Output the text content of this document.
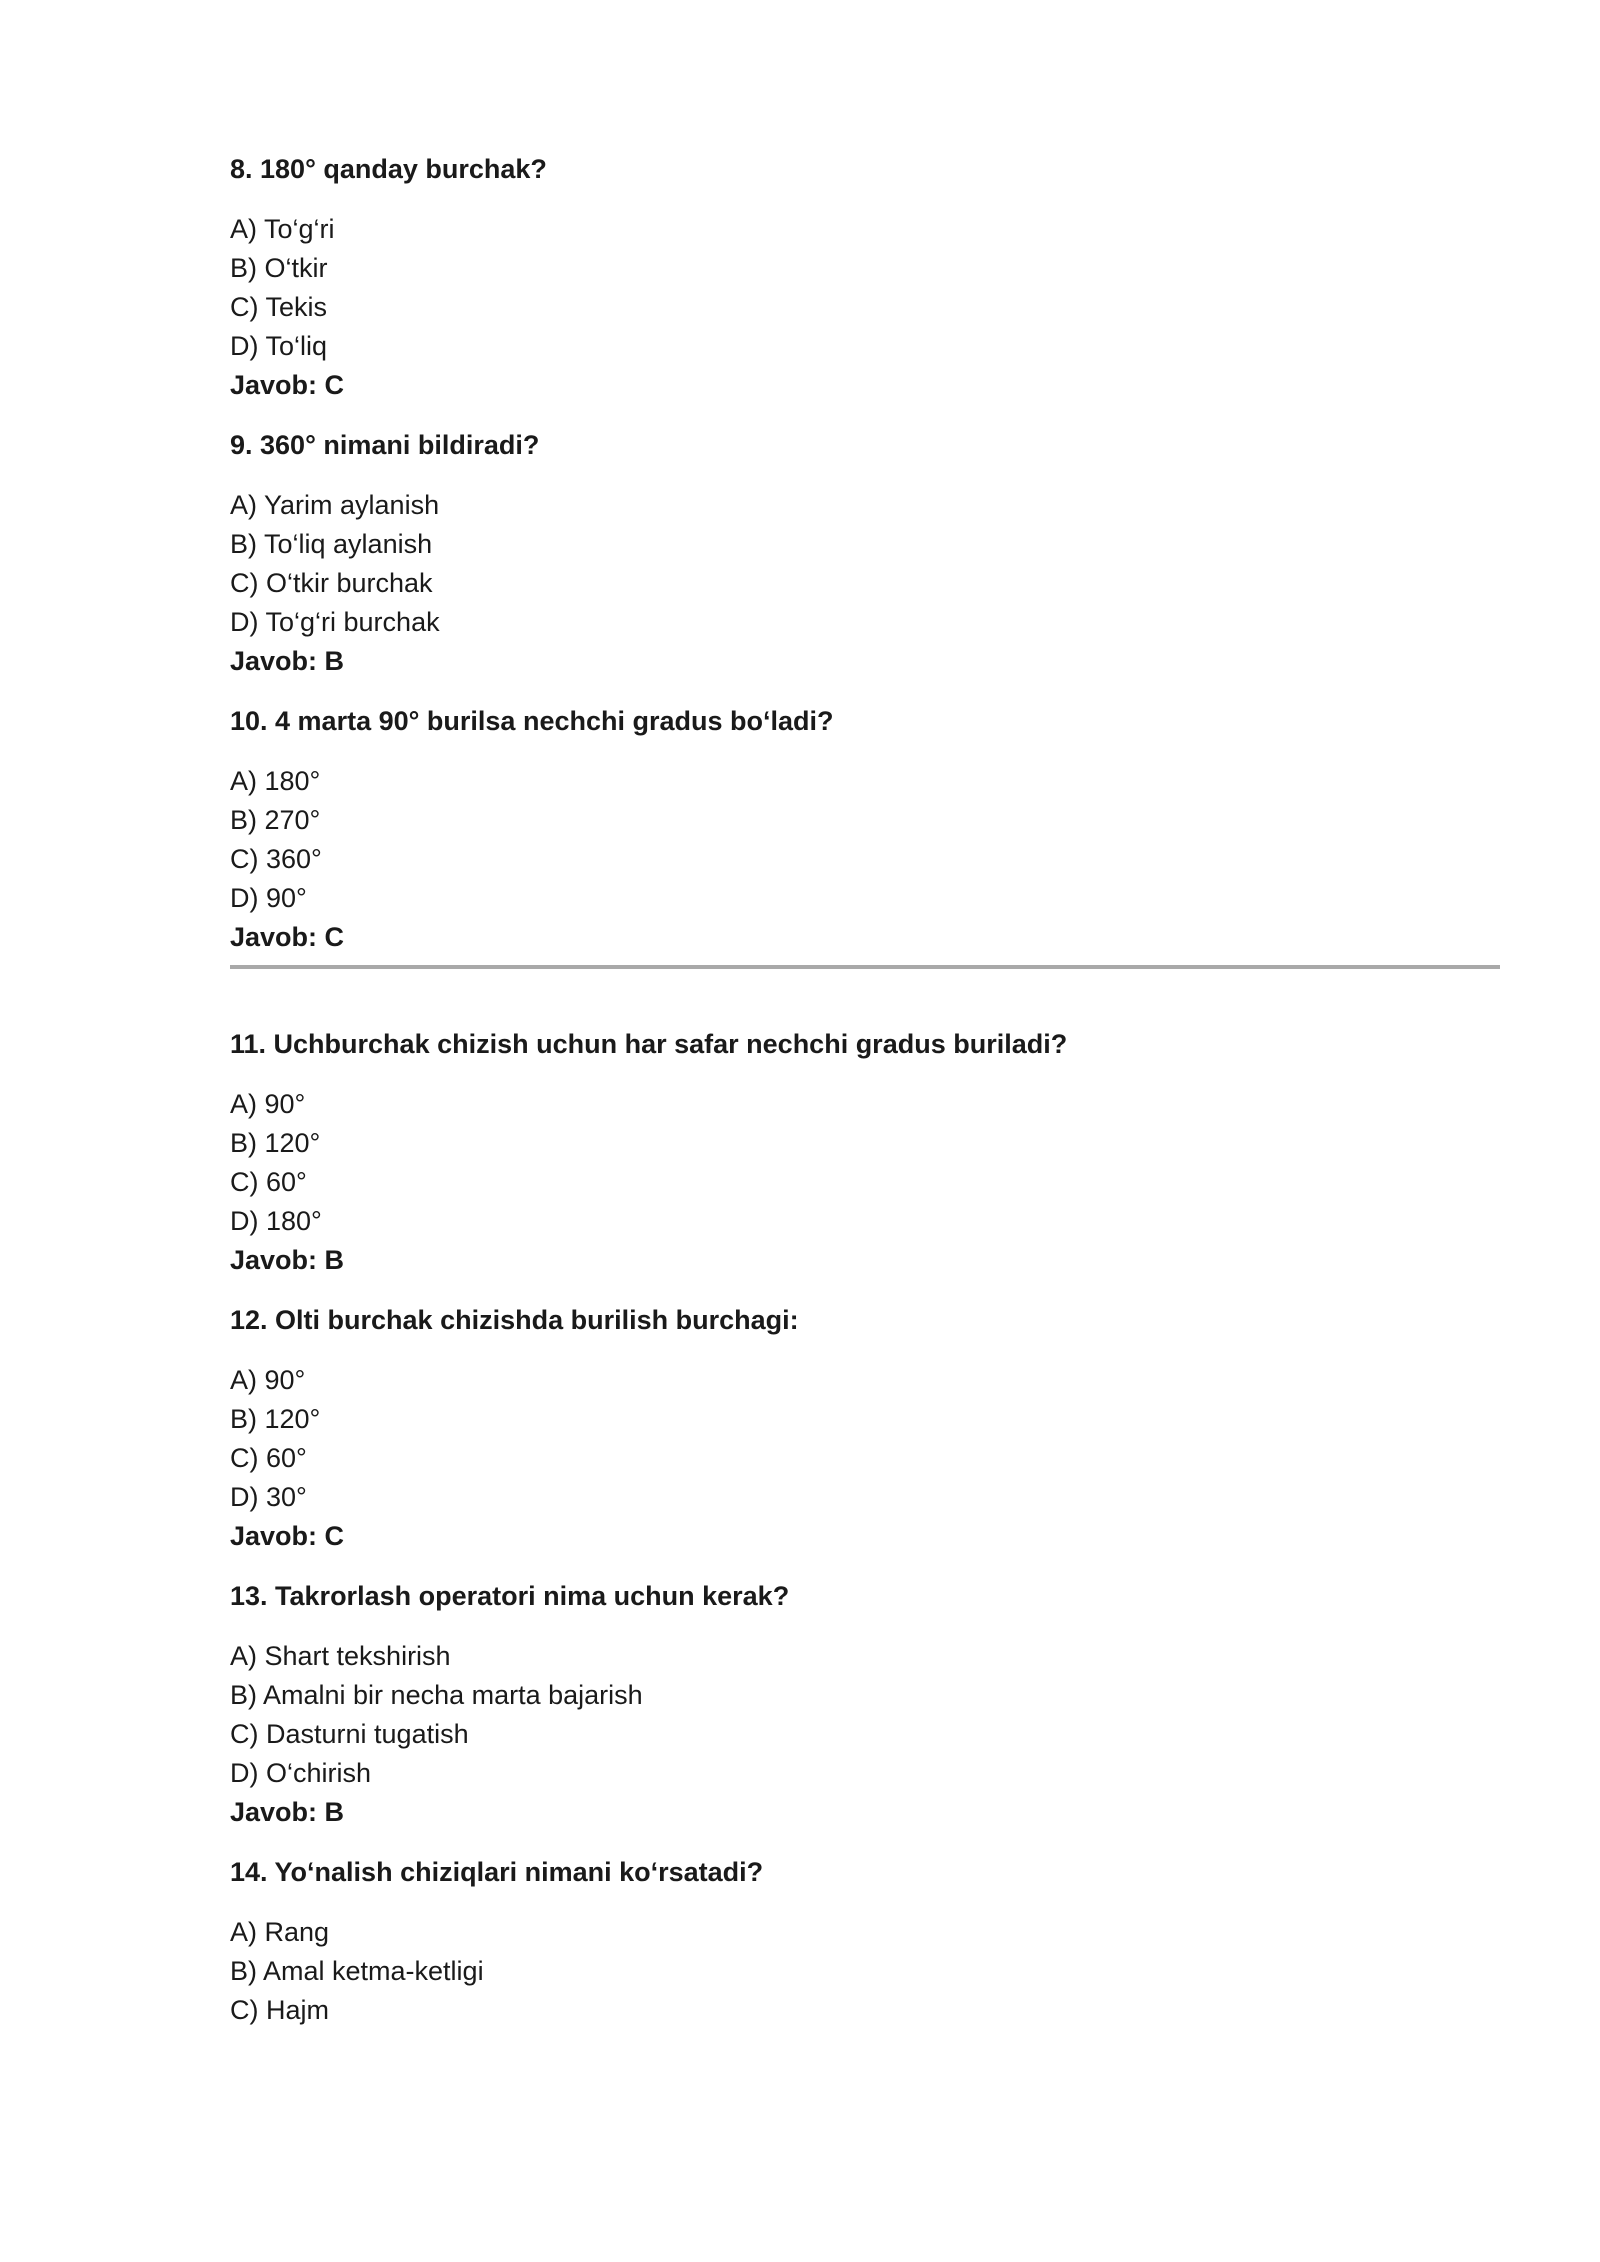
8. 180° qanday burchak?

A) To‘g‘ri

B) O‘tkir

C) Tekis

D) To‘liq

Javob: C

9. 360° nimani bildiradi?

A) Yarim aylanish

B) To‘liq aylanish

C) O‘tkir burchak

D) To‘g‘ri burchak

Javob: B

10. 4 marta 90° burilsa nechchi gradus bo‘ladi?

A) 180°

B) 270°

C) 360°

D) 90°

Javob: C

11. Uchburchak chizish uchun har safar nechchi gradus buriladi?

A) 90°

B) 120°

C) 60°

D) 180°

Javob: B

12. Olti burchak chizishda burilish burchagi:

A) 90°

B) 120°

C) 60°

D) 30°

Javob: C

13. Takrorlash operatori nima uchun kerak?

A) Shart tekshirish

B) Amalni bir necha marta bajarish

C) Dasturni tugatish

D) O‘chirish

Javob: B

14. Yo‘nalish chiziqlari nimani ko‘rsatadi?

A) Rang

B) Amal ketma-ketligi

C) Hajm
